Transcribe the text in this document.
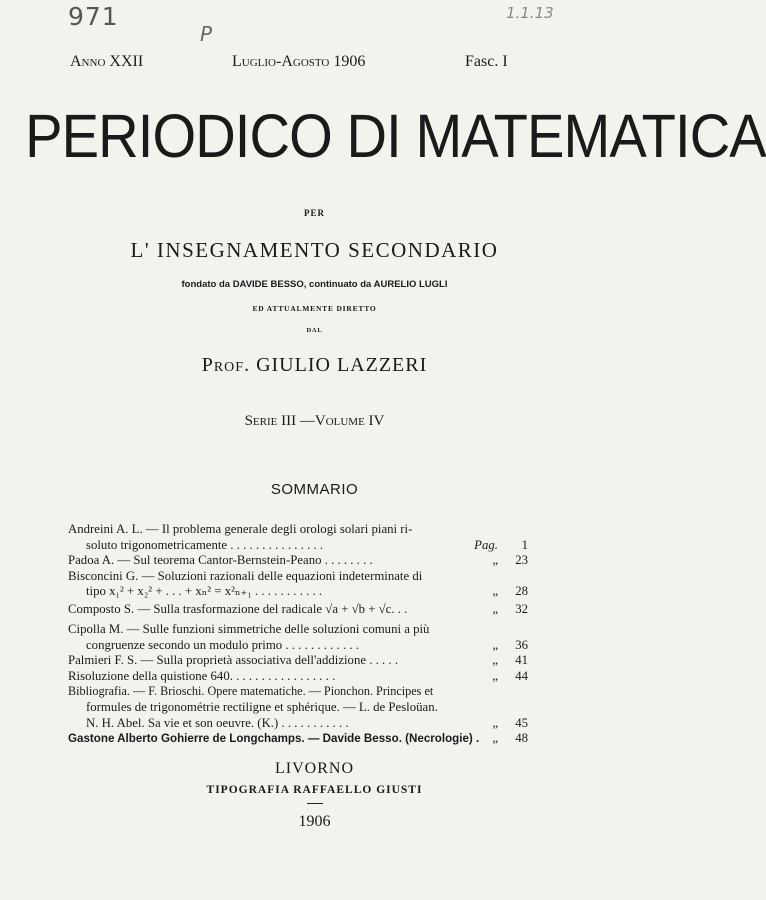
971
P
1.1.13
Anno XXII	Luglio-Agosto 1906	Fasc. I
PERIODICO DI MATEMATICA
PER
L' INSEGNAMENTO SECONDARIO
fondato da DAVIDE BESSO, continuato da AURELIO LUGLI
ED ATTUALMENTE DIRETTO
DAL
Prof. GIULIO LAZZERI
Serie III —Volume IV
SOMMARIO
Andreini A. L. — Il problema generale degli orologi solari piani ri-
soluto trigonometricamente . . . . . . . . . . . . . . .	Pag. 1
Padoa A. — Sul teorema Cantor-Bernstein-Peano . . . . . . . .	„ 23
Bisconcini G. — Soluzioni razionali delle equazioni indeterminate di
tipo x₁² + x₂² + . . . + xₙ² = x²ₙ₊₁ . . . . . . . . . . .	„ 28
Composto S. — Sulla trasformazione del radicale √a + √b + √c. . .	„ 32
Cipolla M. — Sulle funzioni simmetriche delle soluzioni comuni a più
congruenze secondo un modulo primo . . . . . . . . . . . .	„ 36
Palmieri F. S. — Sulla proprietà associativa dell'addizione . . . . .	„ 41
Risoluzione della quistione 640. . . . . . . . . . . . . . . . .	„ 44
Bibliografia. — F. Brioschi. Opere matematiche. — Pionchon. Principes et
formules de trigonométrie rectiligne et sphérique. — L. de Pesloüan.
N. H. Abel. Sa vie et son oeuvre. (K.) . . . . . . . . . . .	„ 45
Gastone Alberto Gohierre de Longchamps. — Davide Besso. (Necrologie) . „ 48
LIVORNO
TIPOGRAFIA RAFFAELLO GIUSTI
1906
